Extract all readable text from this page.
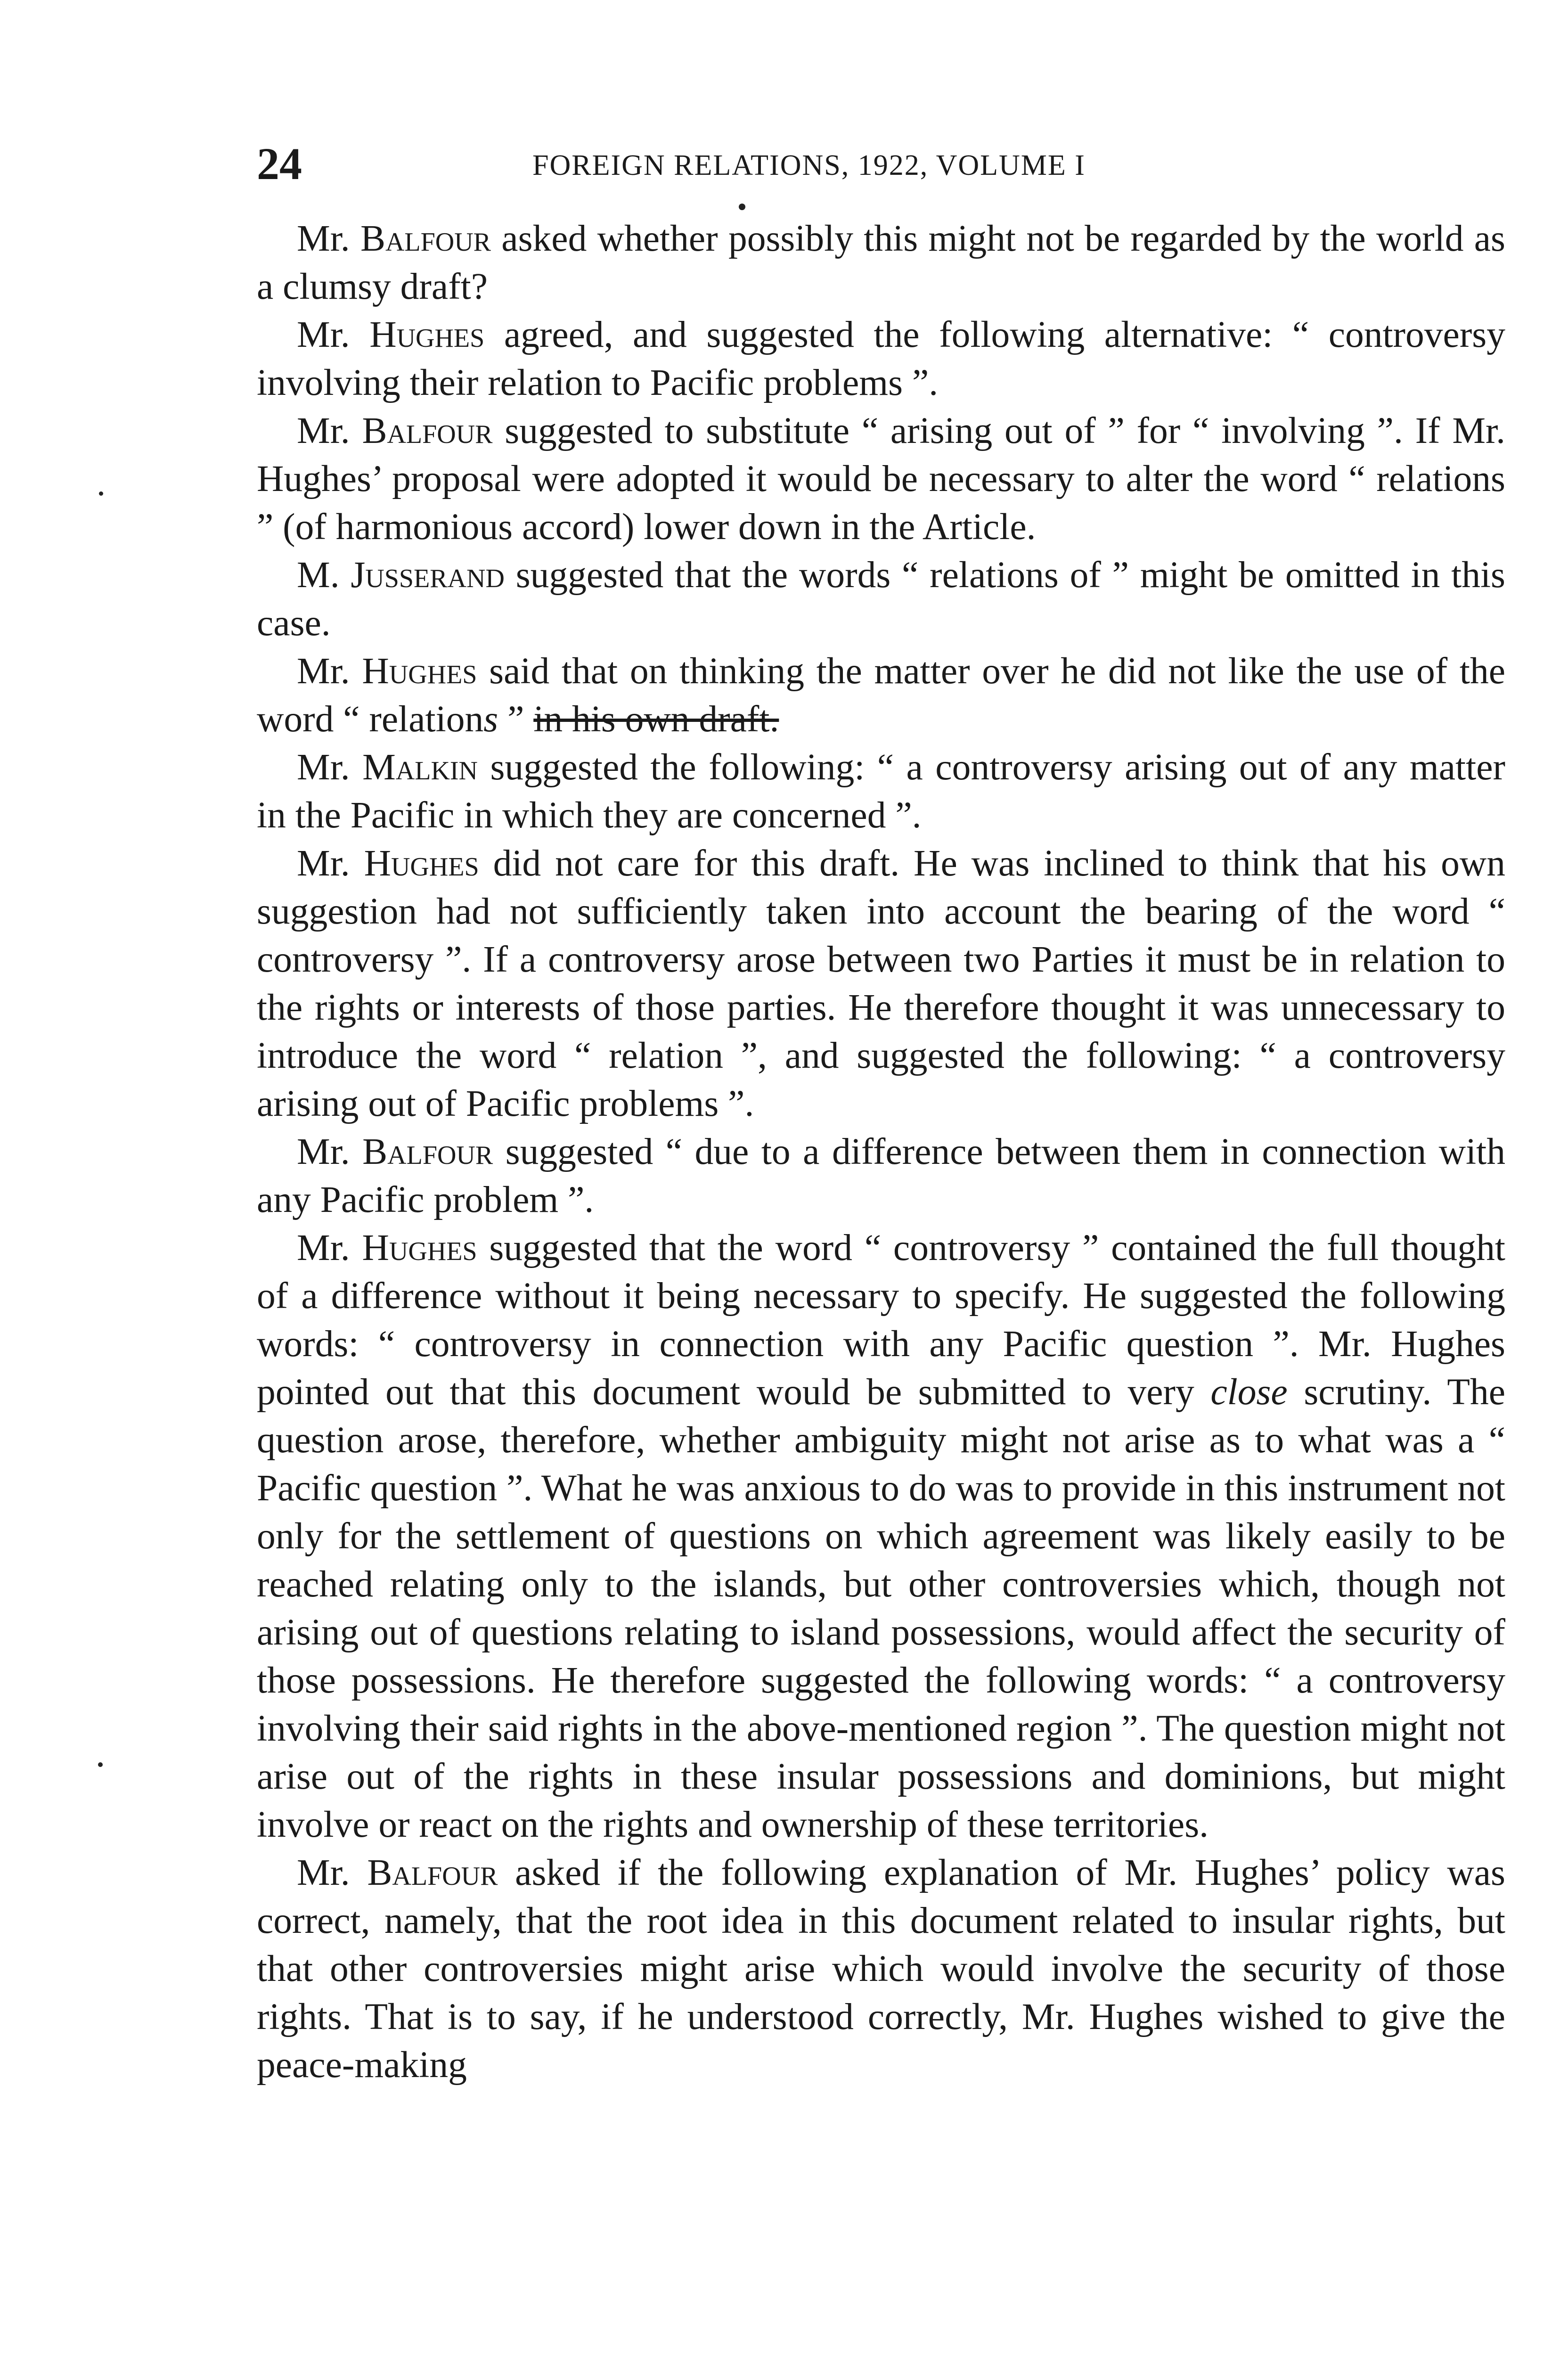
24	FOREIGN RELATIONS, 1922, VOLUME I

Mr. Balfour asked whether possibly this might not be regarded by the world as a clumsy draft?

Mr. Hughes agreed, and suggested the following alternative: “ controversy involving their relation to Pacific problems ”.

Mr. Balfour suggested to substitute “ arising out of ” for “ involving ”. If Mr. Hughes’ proposal were adopted it would be necessary to alter the word “ relations ” (of harmonious accord) lower down in the Article.

M. Jusserand suggested that the words “ relations of ” might be omitted in this case.

Mr. Hughes said that on thinking the matter over he did not like the use of the word “ relations ” in his own draft.

Mr. Malkin suggested the following: “ a controversy arising out of any matter in the Pacific in which they are concerned ”.

Mr. Hughes did not care for this draft. He was inclined to think that his own suggestion had not sufficiently taken into account the bearing of the word “ controversy ”. If a controversy arose between two Parties it must be in relation to the rights or interests of those parties. He therefore thought it was unnecessary to introduce the word “ relation ”, and suggested the following: “ a controversy arising out of Pacific problems ”.

Mr. Balfour suggested “ due to a difference between them in connection with any Pacific problem ”.

Mr. Hughes suggested that the word “ controversy ” contained the full thought of a difference without it being necessary to specify. He suggested the following words: “ controversy in connection with any Pacific question ”. Mr. Hughes pointed out that this document would be submitted to very close scrutiny. The question arose, therefore, whether ambiguity might not arise as to what was a “ Pacific question ”. What he was anxious to do was to provide in this instrument not only for the settlement of questions on which agreement was likely easily to be reached relating only to the islands, but other controversies which, though not arising out of questions relating to island possessions, would affect the security of those possessions. He therefore suggested the following words: “ a controversy involving their said rights in the above-mentioned region ”. The question might not arise out of the rights in these insular possessions and dominions, but might involve or react on the rights and ownership of these territories.

Mr. Balfour asked if the following explanation of Mr. Hughes’ policy was correct, namely, that the root idea in this document related to insular rights, but that other controversies might arise which would involve the security of those rights. That is to say, if he understood correctly, Mr. Hughes wished to give the peace-making
